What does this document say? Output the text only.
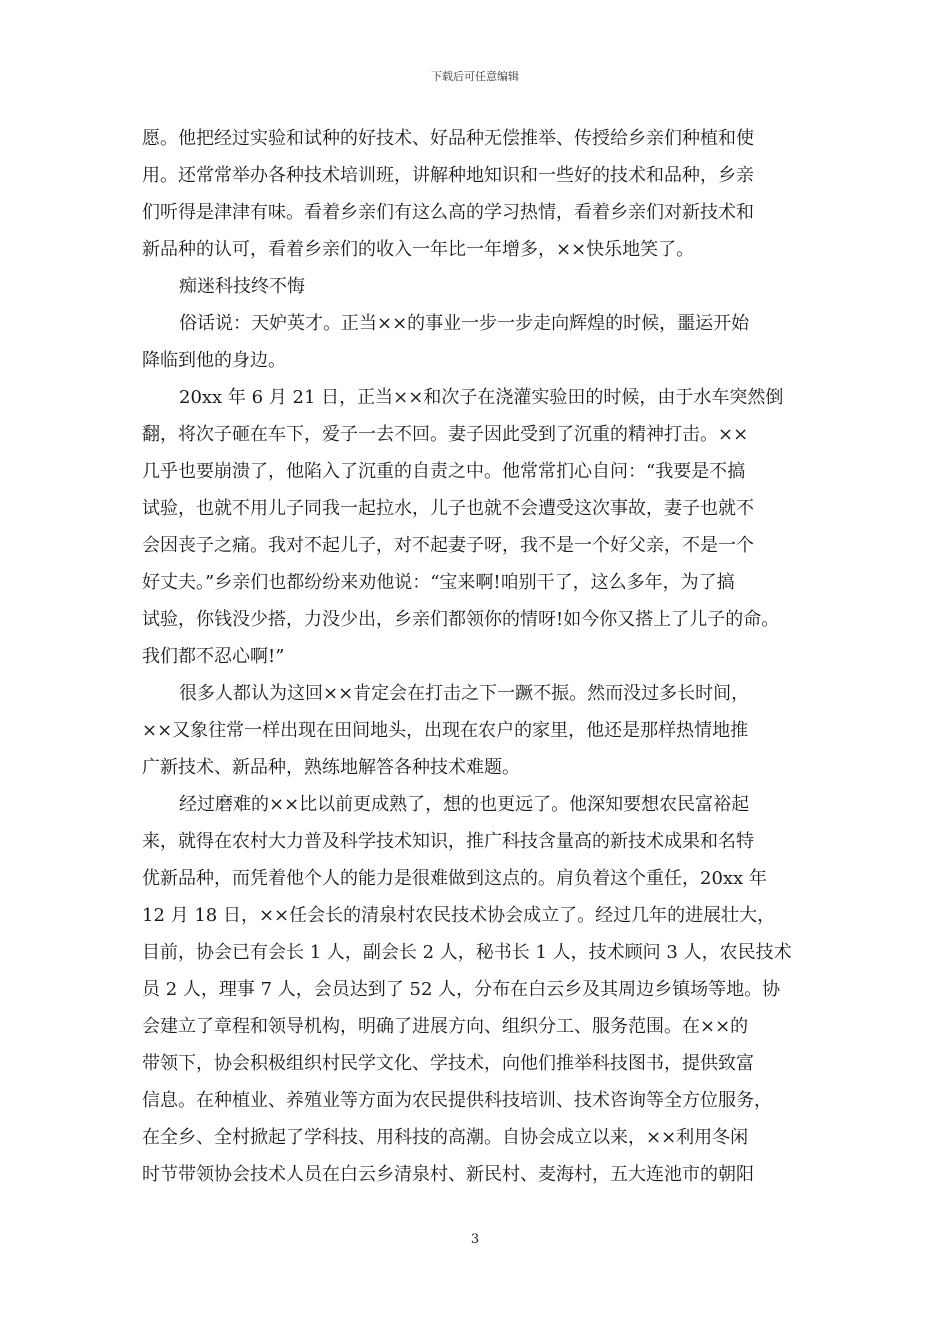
下载后可任意编辑
愿。他把经过实验和试种的好技术、好品种无偿推举、传授给乡亲们种植和使
用。还常常举办各种技术培训班，讲解种地知识和一些好的技术和品种，乡亲
们听得是津津有味。看着乡亲们有这么高的学习热情，看着乡亲们对新技术和
新品种的认可，看着乡亲们的收入一年比一年增多，××快乐地笑了。
痴迷科技终不悔
俗话说：天妒英才。正当××的事业一步一步走向辉煌的时候，噩运开始
降临到他的身边。
20xx 年 6 月 21 日，正当××和次子在浇灌实验田的时候，由于水车突然倒
翻，将次子砸在车下，爱子一去不回。妻子因此受到了沉重的精神打击。××
几乎也要崩溃了，他陷入了沉重的自责之中。他常常扪心自问：“我要是不搞
试验，也就不用儿子同我一起拉水，儿子也就不会遭受这次事故，妻子也就不
会因丧子之痛。我对不起儿子，对不起妻子呀，我不是一个好父亲，不是一个
好丈夫。”乡亲们也都纷纷来劝他说：“宝来啊!咱别干了，这么多年，为了搞
试验，你钱没少搭，力没少出，乡亲们都领你的情呀!如今你又搭上了儿子的命。
我们都不忍心啊!”
很多人都认为这回××肯定会在打击之下一蹶不振。然而没过多长时间，
××又象往常一样出现在田间地头，出现在农户的家里，他还是那样热情地推
广新技术、新品种，熟练地解答各种技术难题。
经过磨难的××比以前更成熟了，想的也更远了。他深知要想农民富裕起
来，就得在农村大力普及科学技术知识，推广科技含量高的新技术成果和名特
优新品种，而凭着他个人的能力是很难做到这点的。肩负着这个重任，20xx 年
12 月 18 日，××任会长的清泉村农民技术协会成立了。经过几年的进展壮大，
目前，协会已有会长 1 人，副会长 2 人，秘书长 1 人，技术顾问 3 人，农民技术
员 2 人，理事 7 人，会员达到了 52 人，分布在白云乡及其周边乡镇场等地。协
会建立了章程和领导机构，明确了进展方向、组织分工、服务范围。在××的
带领下，协会积极组织村民学文化、学技术，向他们推举科技图书，提供致富
信息。在种植业、养殖业等方面为农民提供科技培训、技术咨询等全方位服务，
在全乡、全村掀起了学科技、用科技的高潮。自协会成立以来，××利用冬闲
时节带领协会技术人员在白云乡清泉村、新民村、麦海村，五大连池市的朝阳
3
